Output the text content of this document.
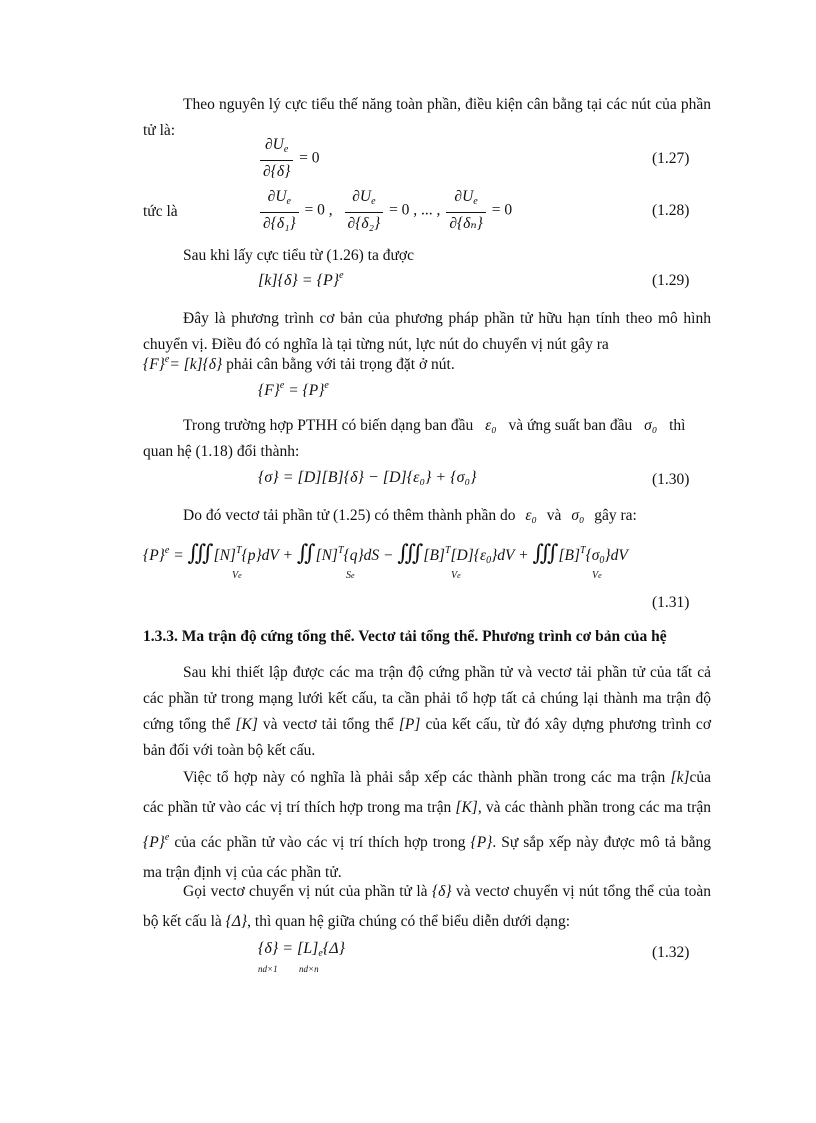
Theo nguyên lý cực tiểu thế năng toàn phần, điều kiện cân bằng tại các nút của phần tử là:
$\frac{\partial U_e}{\partial\{\delta\}} = 0$	(1.27)
tức là	$\frac{\partial U_e}{\text{∂\{δ₁\}}} = 0$ , $\frac{\partial U_e}{\text{∂\{δ₂\}}} = 0$ , ... , $\frac{\partial U_e}{\text{∂\{δₙ\}}} = 0$	(1.28)
Sau khi lấy cực tiểu từ (1.26) ta được
$[k]\{\delta\} = \{P\}^e$	(1.29)
Đây là phương trình cơ bản của phương pháp phần tử hữu hạn tính theo mô hình chuyển vị. Điều đó có nghĩa là tại từng nút, lực nút do chuyển vị nút gây ra
$\{F\}^e= [k]\{\delta\}$ phải cân bằng với tải trọng đặt ở nút.
$\{F\}^e = \{P\}^e$
Trong trường hợp PTHH có biến dạng ban đầu ε₀ và ứng suất ban đầu σ₀ thì
quan hệ (1.18) đổi thành:
{σ} = [D][B]{δ} − [D]{ε₀} + {σ₀}	(1.30)
Do đó vectơ tải phần tử (1.25) có thêm thành phần do ε₀ và σ₀ gây ra:
$\{P\}^e$ = $∭[N]^T\{p\}dV$ + $∬[N]^T\{q\}dS$ − $∭[B]^T[D]\{\varepsilon_0\}dV$ + $∭[B]^T\{\sigma_0\}dV$
Ve	Se	Ve	Ve
(1.31)
1.3.3. Ma trận độ cứng tổng thể. Vectơ tải tổng thể. Phương trình cơ bản của hệ
Sau khi thiết lập được các ma trận độ cứng phần tử và vectơ tải phần tử của tất cả các phần tử trong mạng lưới kết cấu, ta cần phải tổ hợp tất cả chúng lại thành ma trận độ cứng tổng thể [K] và vectơ tải tổng thể [P] của kết cấu, từ đó xây dựng phương trình cơ bản đối với toàn bộ kết cấu.
Việc tổ hợp này có nghĩa là phải sắp xếp các thành phần trong các ma trận [k]của các phần tử vào các vị trí thích hợp trong ma trận [K], và các thành phần trong các ma trận $\{P\}^e$ của các phần tử vào các vị trí thích hợp trong {P}. Sự sắp xếp này được mô tả bằng ma trận định vị của các phần tử.
Gọi vectơ chuyển vị nút của phần tử là {δ} và vectơ chuyển vị nút tổng thể của toàn bộ kết cấu là {Δ}, thì quan hệ giữa chúng có thể biểu diễn dưới dạng:
$\{\delta\} = [L]_e\{\Delta\}$
nd×1 nd×n
(1.32)
